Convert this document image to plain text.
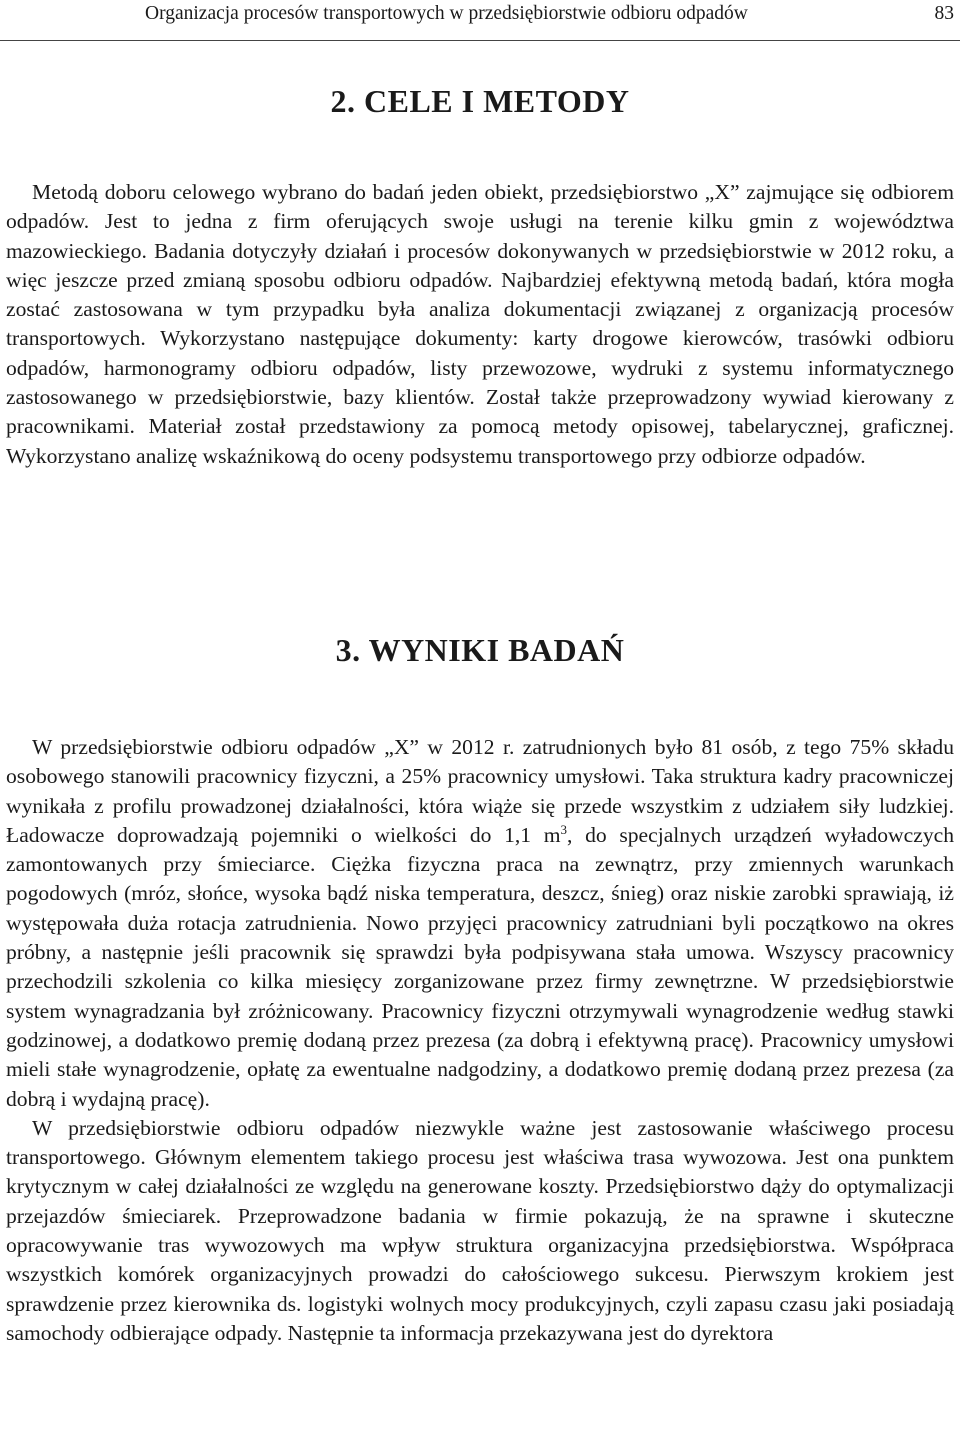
Organizacja procesów transportowych w przedsiębiorstwie odbioru odpadów	83
2. CELE I METODY

Metodą doboru celowego wybrano do badań jeden obiekt, przedsiębiorstwo „X” zajmujące się odbiorem odpadów. Jest to jedna z firm oferujących swoje usługi na terenie kilku gmin z województwa mazowieckiego. Badania dotyczyły działań i procesów dokonywanych w przedsiębiorstwie w 2012 roku, a więc jeszcze przed zmianą sposobu odbioru odpadów. Najbardziej efektywną metodą badań, która mogła zostać zastosowana w tym przypadku była analiza dokumentacji związanej z organizacją procesów transportowych. Wykorzystano następujące dokumenty: karty drogowe kierowców, trasówki odbioru odpadów, harmonogramy odbioru odpadów, listy przewozowe, wydruki z systemu informatycznego zastosowanego w przedsiębiorstwie, bazy klientów. Został także przeprowadzony wywiad kierowany z pracownikami. Materiał został przedstawiony za pomocą metody opisowej, tabelarycznej, graficznej. Wykorzystano analizę wskaźnikową do oceny podsystemu transportowego przy odbiorze odpadów.

3. WYNIKI BADAŃ

W przedsiębiorstwie odbioru odpadów „X” w 2012 r. zatrudnionych było 81 osób, z tego 75% składu osobowego stanowili pracownicy fizyczni, a 25% pracownicy umysłowi. Taka struktura kadry pracowniczej wynikała z profilu prowadzonej działalności, która wiąże się przede wszystkim z udziałem siły ludzkiej. Ładowacze doprowadzają pojemniki o wielkości do 1,1 $m^3$, do specjalnych urządzeń wyładowczych zamontowanych przy śmieciarce. Ciężka fizyczna praca na zewnątrz, przy zmiennych warunkach pogodowych (mróz, słońce, wysoka bądź niska temperatura, deszcz, śnieg) oraz niskie zarobki sprawiają, iż występowała duża rotacja zatrudnienia. Nowo przyjęci pracownicy zatrudniani byli początkowo na okres próbny, a następnie jeśli pracownik się sprawdzi była podpisywana stała umowa. Wszyscy pracownicy przechodzili szkolenia co kilka miesięcy zorganizowane przez firmy zewnętrzne. W przedsiębiorstwie system wynagradzania był zróżnicowany. Pracownicy fizyczni otrzymywali wynagrodzenie według stawki godzinowej, a dodatkowo premię dodaną przez prezesa (za dobrą i efektywną pracę). Pracownicy umysłowi mieli stałe wynagrodzenie, opłatę za ewentualne nadgodziny, a dodatkowo premię dodaną przez prezesa (za dobrą i wydajną pracę).

W przedsiębiorstwie odbioru odpadów niezwykle ważne jest zastosowanie właściwego procesu transportowego. Głównym elementem takiego procesu jest właściwa trasa wywozowa. Jest ona punktem krytycznym w całej działalności ze względu na generowane koszty. Przedsiębiorstwo dąży do optymalizacji przejazdów śmieciarek. Przeprowadzone badania w firmie pokazują, że na sprawne i skuteczne opracowywanie tras wywozowych ma wpływ struktura organizacyjna przedsiębiorstwa. Współpraca wszystkich komórek organizacyjnych prowadzi do całościowego sukcesu. Pierwszym krokiem jest sprawdzenie przez kierownika ds. logistyki wolnych mocy produkcyjnych, czyli zapasu czasu jaki posiadają samochody odbierające odpady. Następnie ta informacja przekazywana jest do dyrektora
